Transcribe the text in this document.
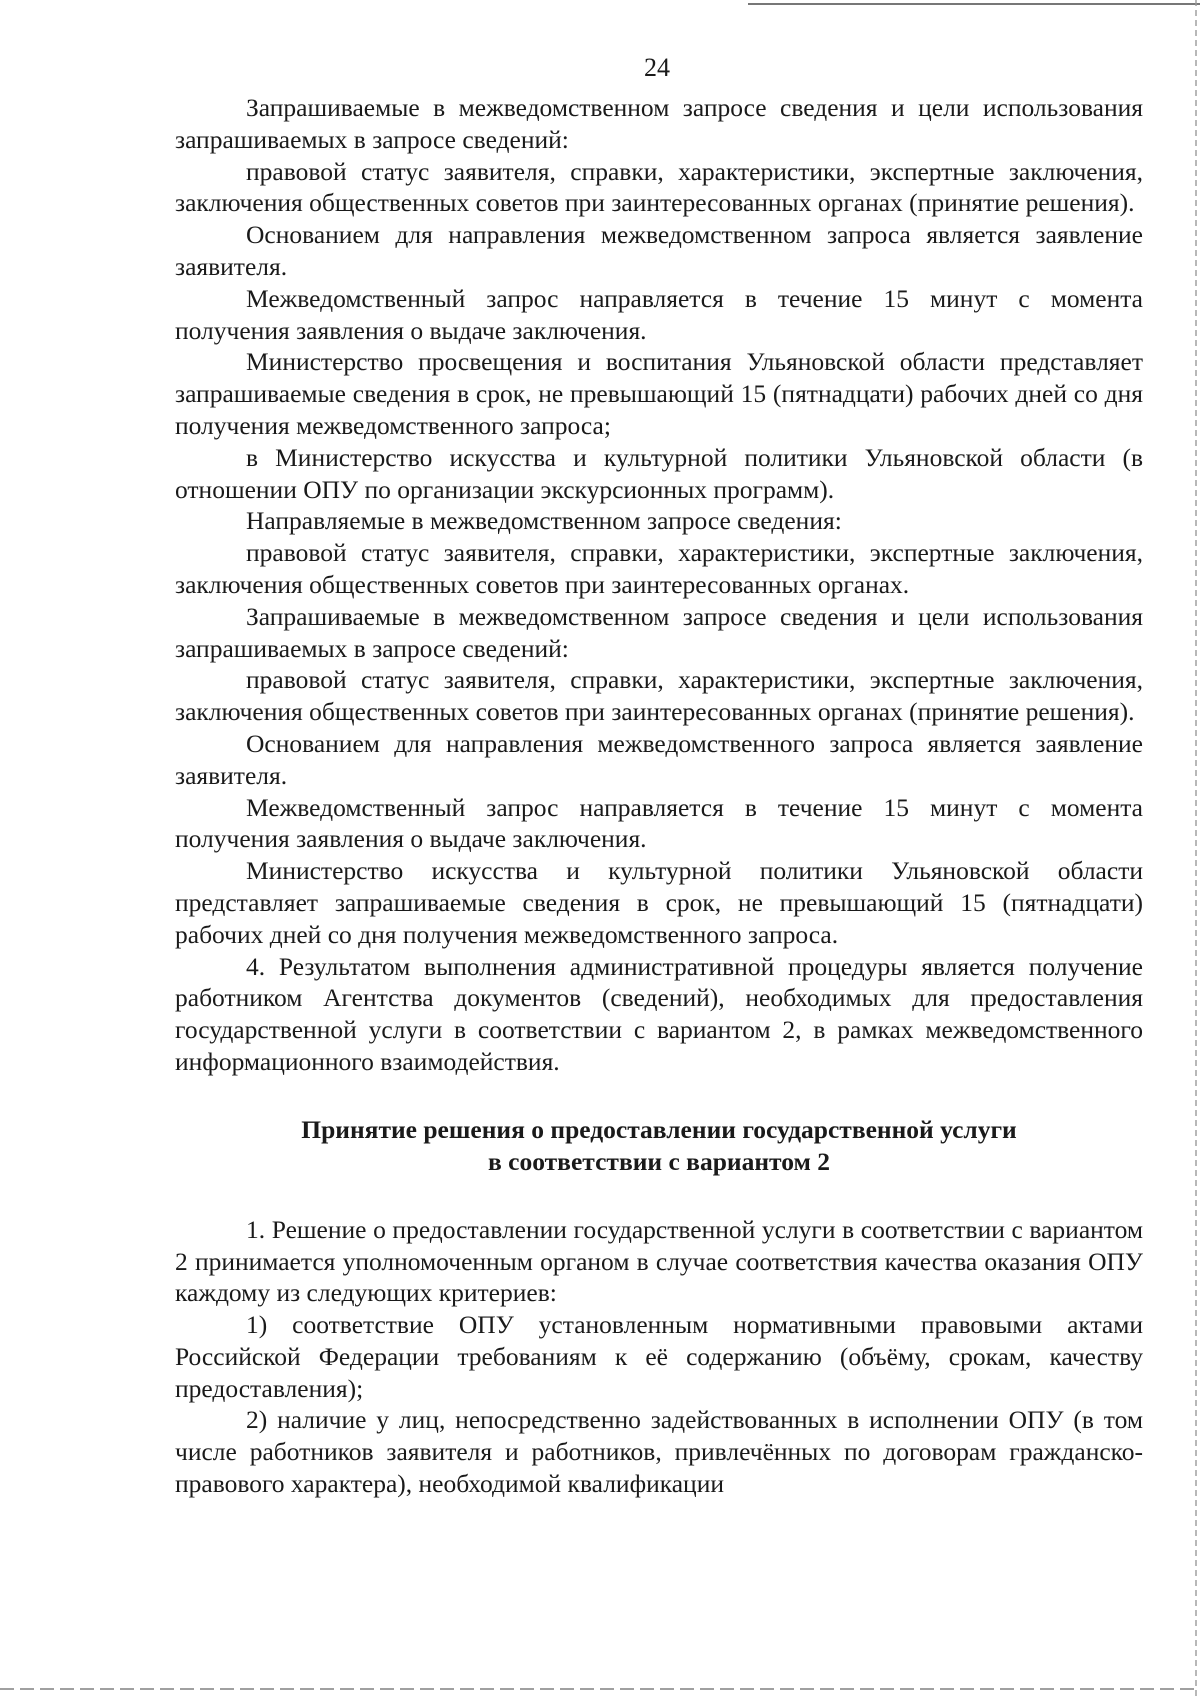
24

Запрашиваемые в межведомственном запросе сведения и цели использования запрашиваемых в запросе сведений:

правовой статус заявителя, справки, характеристики, экспертные заключения, заключения общественных советов при заинтересованных органах (принятие решения).

Основанием для направления межведомственном запроса является заявление заявителя.

Межведомственный запрос направляется в течение 15 минут с момента получения заявления о выдаче заключения.

Министерство просвещения и воспитания Ульяновской области представляет запрашиваемые сведения в срок, не превышающий 15 (пятнадцати) рабочих дней со дня получения межведомственного запроса;

в Министерство искусства и культурной политики Ульяновской области (в отношении ОПУ по организации экскурсионных программ).

Направляемые в межведомственном запросе сведения:

правовой статус заявителя, справки, характеристики, экспертные заключения, заключения общественных советов при заинтересованных органах.

Запрашиваемые в межведомственном запросе сведения и цели использования запрашиваемых в запросе сведений:

правовой статус заявителя, справки, характеристики, экспертные заключения, заключения общественных советов при заинтересованных органах (принятие решения).

Основанием для направления межведомственного запроса является заявление заявителя.

Межведомственный запрос направляется в течение 15 минут с момента получения заявления о выдаче заключения.

Министерство искусства и культурной политики Ульяновской области представляет запрашиваемые сведения в срок, не превышающий 15 (пятнадцати) рабочих дней со дня получения межведомственного запроса.

4. Результатом выполнения административной процедуры является получение работником Агентства документов (сведений), необходимых для предоставления государственной услуги в соответствии с вариантом 2, в рамках межведомственного информационного взаимодействия.

Принятие решения о предоставлении государственной услуги
в соответствии с вариантом 2

1. Решение о предоставлении государственной услуги в соответствии с вариантом 2 принимается уполномоченным органом в случае соответствия качества оказания ОПУ каждому из следующих критериев:

1) соответствие ОПУ установленным нормативными правовыми актами Российской Федерации требованиям к её содержанию (объёму, срокам, качеству предоставления);

2) наличие у лиц, непосредственно задействованных в исполнении ОПУ (в том числе работников заявителя и работников, привлечённых по договорам гражданско-правового характера), необходимой квалификации
